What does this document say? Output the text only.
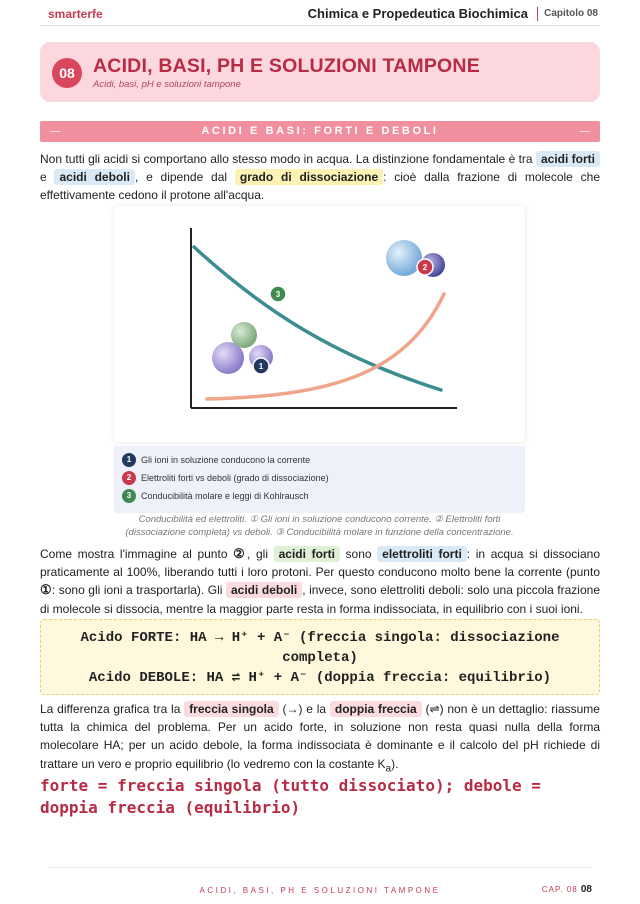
smarterfe	Chimica e Propedeutica Biochimica Capitolo 08
08 ACIDI, BASI, PH E SOLUZIONI TAMPONE
Acidi, basi, pH e soluzioni tampone
ACIDI E BASI: FORTI E DEBOLI

Non tutti gli acidi si comportano allo stesso modo in acqua. La distinzione fondamentale è tra acidi forti e acidi deboli , e dipende dal grado di dissociazione : cioè dalla frazione di molecole che effettivamente cedono il protone all'acqua.

1
2
3
1 Gli ioni in soluzione conducono la corrente
2 Elettroliti forti vs deboli (grado di dissociazione)
3 Conducibilità molare e leggi di Kohlrausch
Conducibilità ed elettroliti. ① Gli ioni in soluzione conducono corrente. ② Elettroliti forti (dissociazione completa) vs deboli. ③ Conducibilità molare in funzione della concentrazione.

Come mostra l'immagine al punto ②, gli acidi forti sono elettroliti forti : in acqua si dissociano praticamente al 100%, liberando tutti i loro protoni. Per questo conducono molto bene la corrente (punto ①: sono gli ioni a trasportarla). Gli acidi deboli , invece, sono elettroliti deboli: solo una piccola frazione di molecole si dissocia, mentre la maggior parte resta in forma indissociata, in equilibrio con i suoi ioni.

Acido FORTE: HA → H⁺ + A⁻ (freccia singola: dissociazione
completa)
Acido DEBOLE: HA ⇌ H⁺ + A⁻ (doppia freccia: equilibrio)

La differenza grafica tra la freccia singola (→) e la doppia freccia (⇌) non è un dettaglio: riassume tutta la chimica del problema. Per un acido forte, in soluzione non resta quasi nulla della forma molecolare HA; per un acido debole, la forma indissociata è dominante e il calcolo del pH richiede di trattare un vero e proprio equilibrio (lo vedremo con la costante $K_a$).

forte = freccia singola (tutto dissociato); debole = doppia freccia (equilibrio)
ACIDI, BASI, PH E SOLUZIONI TAMPONE	CAP. 08 08
